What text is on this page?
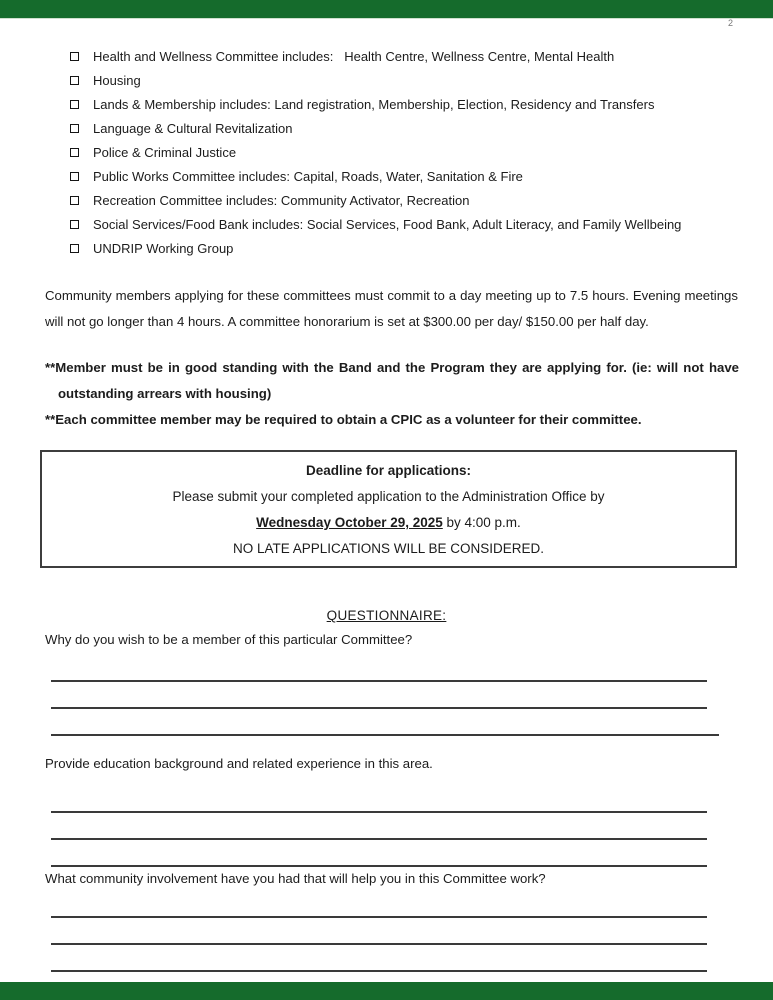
2
Health and Wellness Committee includes:   Health Centre, Wellness Centre, Mental Health
Housing
Lands & Membership includes: Land registration, Membership, Election, Residency and Transfers
Language & Cultural Revitalization
Police & Criminal Justice
Public Works Committee includes: Capital, Roads, Water, Sanitation & Fire
Recreation Committee includes: Community Activator, Recreation
Social Services/Food Bank includes: Social Services, Food Bank, Adult Literacy, and Family Wellbeing
UNDRIP Working Group

Community members applying for these committees must commit to a day meeting up to 7.5 hours. Evening meetings will not go longer than 4 hours. A committee honorarium is set at $300.00 per day/ $150.00 per half day.

**Member must be in good standing with the Band and the Program they are applying for. (ie: will not have outstanding arrears with housing)

**Each committee member may be required to obtain a CPIC as a volunteer for their committee.

Deadline for applications:
Please submit your completed application to the Administration Office by
Wednesday October 29, 2025 by 4:00 p.m.
NO LATE APPLICATIONS WILL BE CONSIDERED.
QUESTIONNAIRE:
Why do you wish to be a member of this particular Committee?
Provide education background and related experience in this area.
What community involvement have you had that will help you in this Committee work?
